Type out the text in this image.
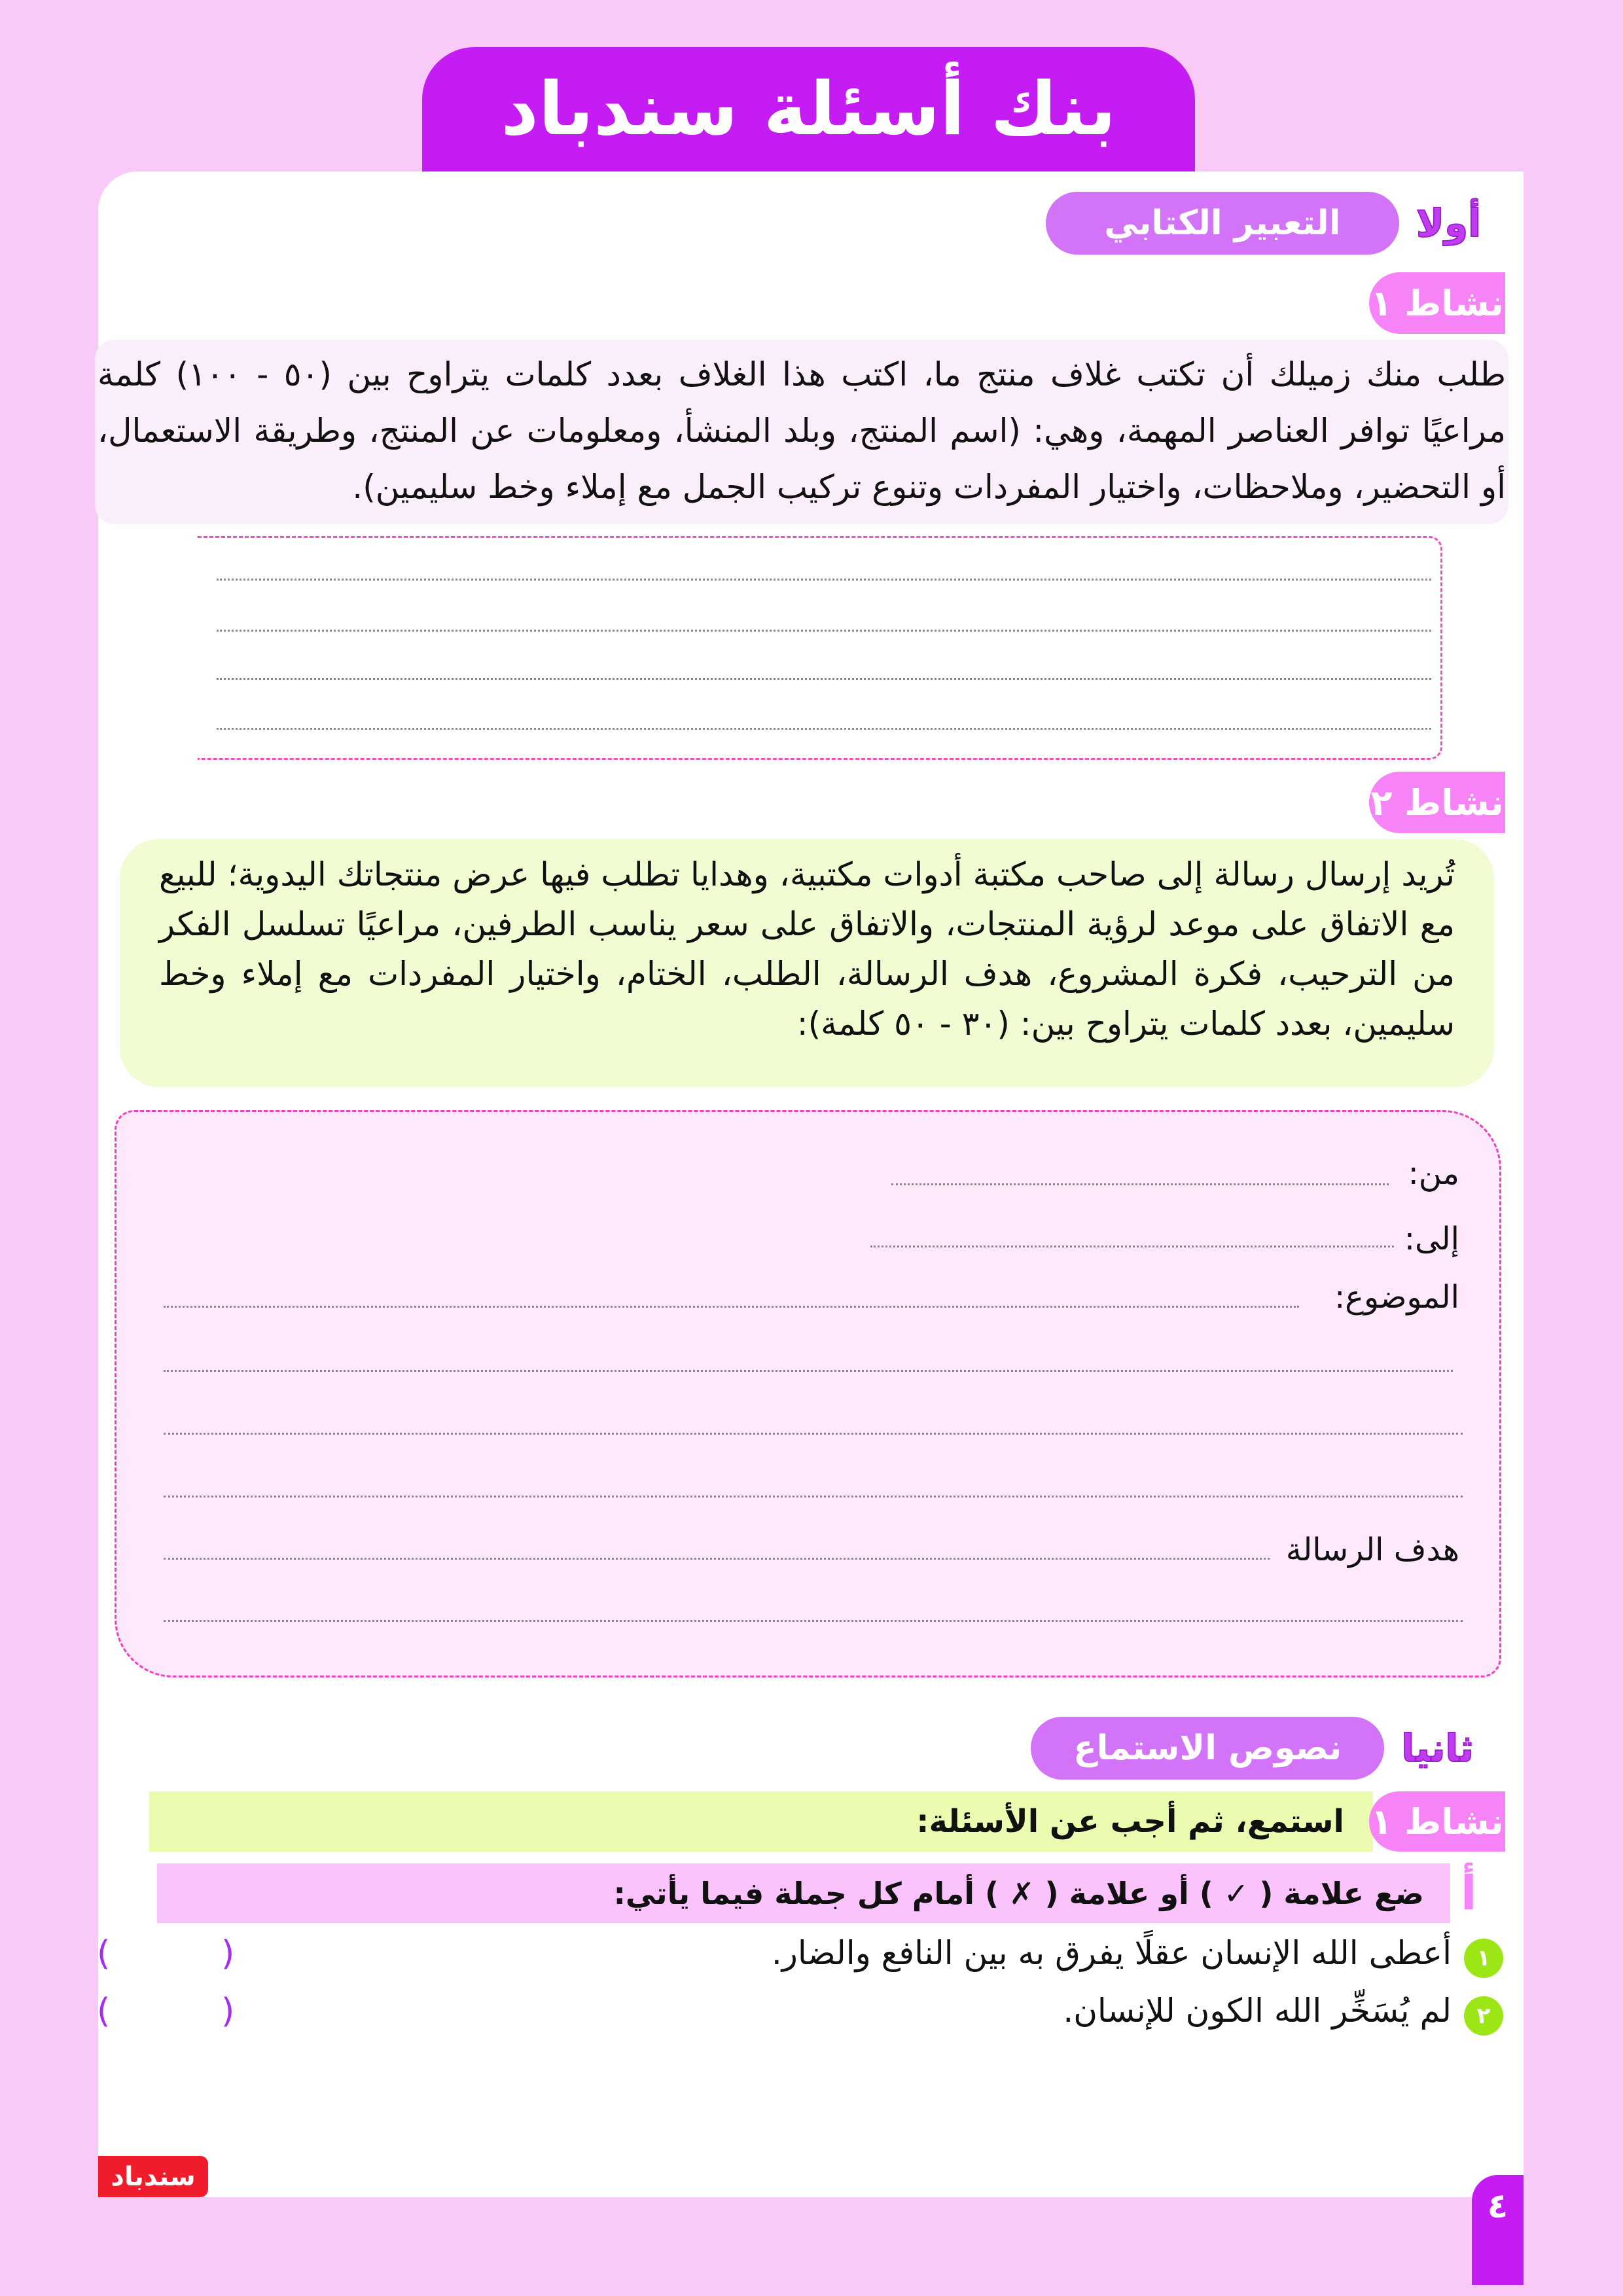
بنك أسئلة سندباد
أولا
التعبير الكتابي
نشاط ١
طلب منك زميلك أن تكتب غلاف منتج ما، اكتب هذا الغلاف بعدد كلمات يتراوح بين (٥٠ - ١٠٠) كلمة مراعيًا توافر العناصر المهمة، وهي: (اسم المنتج، وبلد المنشأ، ومعلومات عن المنتج، وطريقة الاستعمال، أو التحضير، وملاحظات، واختيار المفردات وتنوع تركيب الجمل مع إملاء وخط سليمين).
نشاط ٢
تُريد إرسال رسالة إلى صاحب مكتبة أدوات مكتبية، وهدايا تطلب فيها عرض منتجاتك اليدوية؛ للبيع مع الاتفاق على موعد لرؤية المنتجات، والاتفاق على سعر يناسب الطرفين، مراعيًا تسلسل الفكر من الترحيب، فكرة المشروع، هدف الرسالة، الطلب، الختام، واختيار المفردات مع إملاء وخط سليمين، بعدد كلمات يتراوح بين: (٣٠ - ٥٠ كلمة):
من:
إلى:
الموضوع:
هدف الرسالة
ثانيا
نصوص الاستماع
استمع، ثم أجب عن الأسئلة: نشاط ١
ضع علامة ( ✓ ) أو علامة ( ✗ ) أمام كل جملة فيما يأتي: أ
١
أعطى الله الإنسان عقلًا يفرق به بين النافع والضار.
)
(
٢
لم يُسَخِّر الله الكون للإنسان.
)
(
سندباد
٤
